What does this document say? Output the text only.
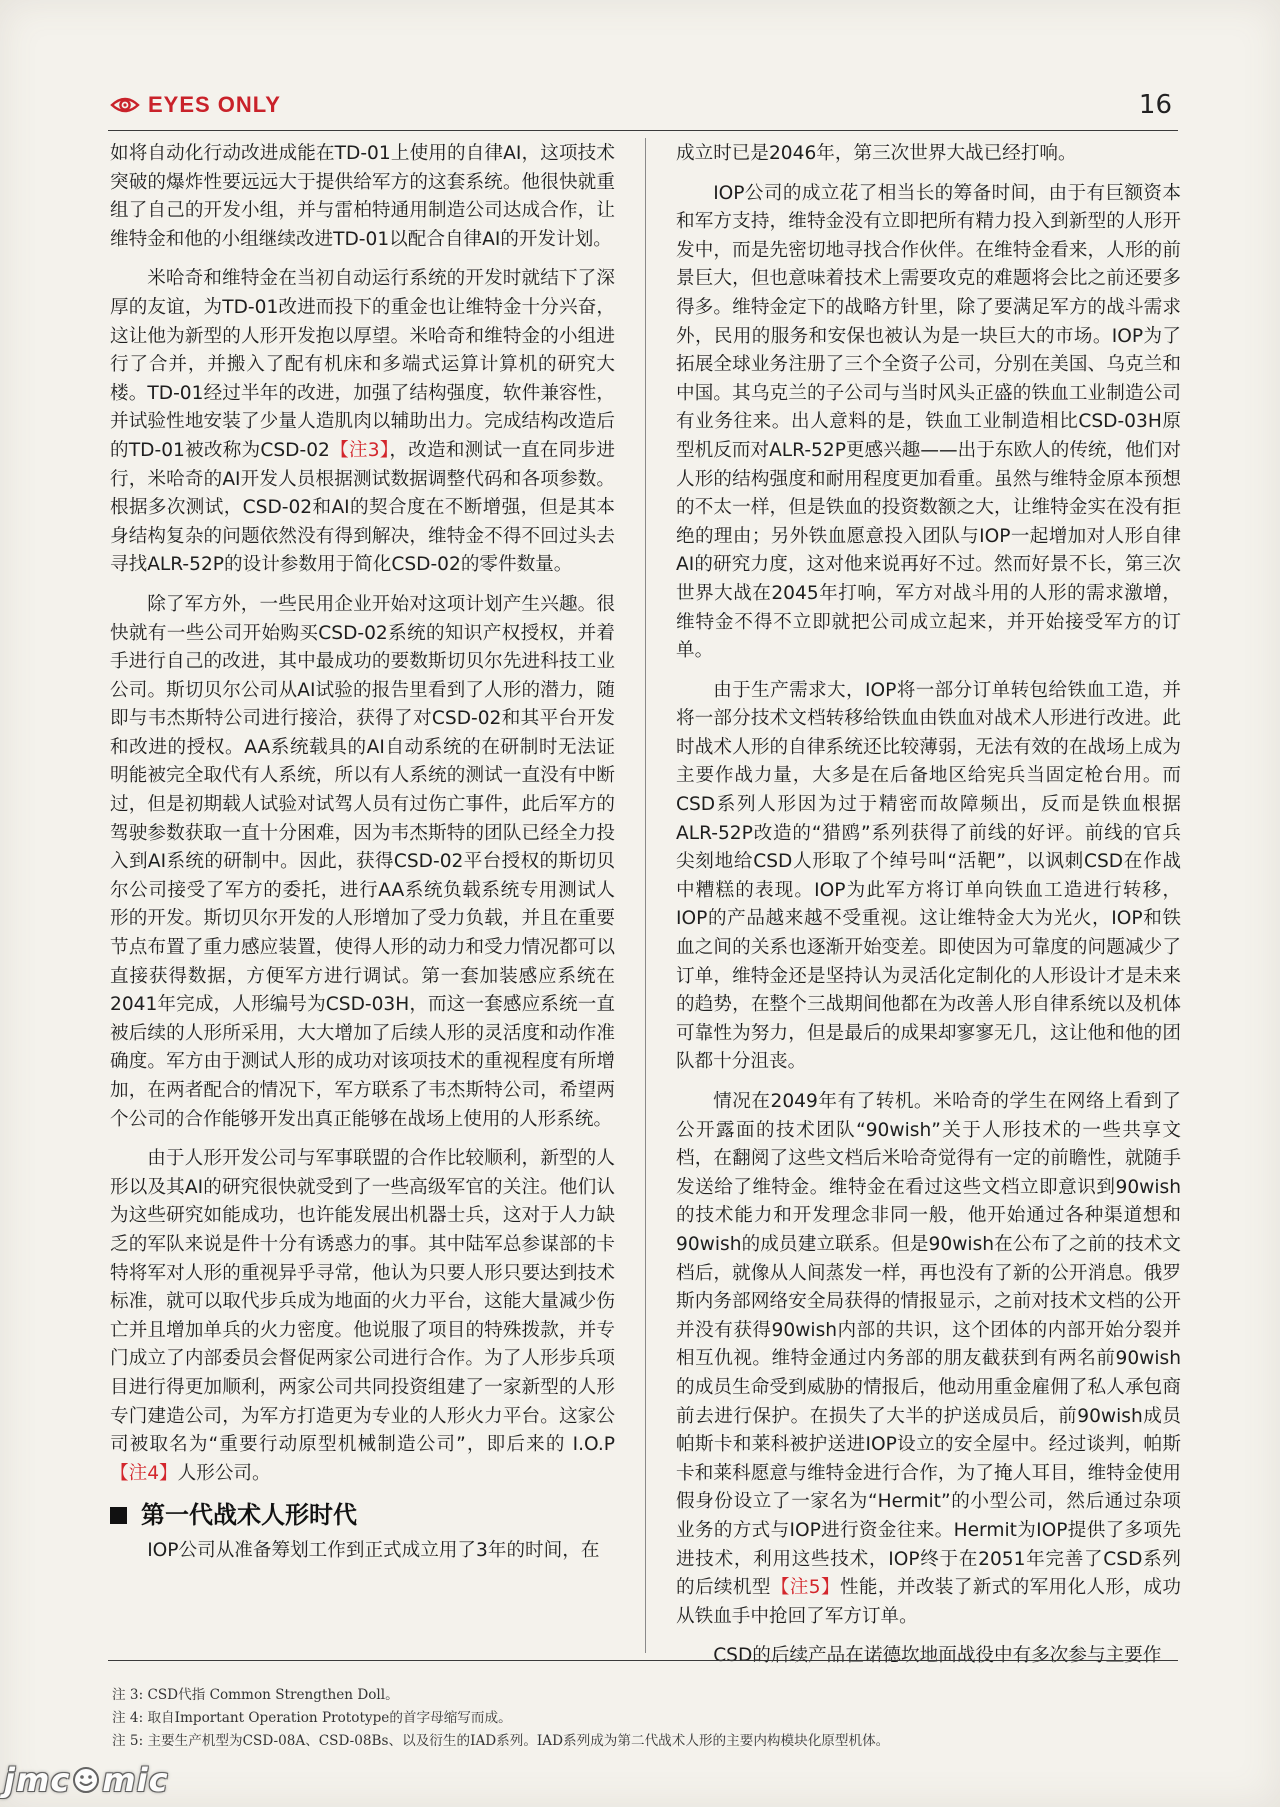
EYES ONLY	16

如将自动化行动改进成能在TD-01上使用的自律AI，这项技术突破的爆炸性要远远大于提供给军方的这套系统。他很快就重组了自己的开发小组，并与雷柏特通用制造公司达成合作，让维特金和他的小组继续改进TD-01以配合自律AI的开发计划。

米哈奇和维特金在当初自动运行系统的开发时就结下了深厚的友谊，为TD-01改进而投下的重金也让维特金十分兴奋，这让他为新型的人形开发抱以厚望。米哈奇和维特金的小组进行了合并，并搬入了配有机床和多端式运算计算机的研究大楼。TD-01经过半年的改进，加强了结构强度，软件兼容性，并试验性地安装了少量人造肌肉以辅助出力。完成结构改造后的TD-01被改称为CSD-02【注3】，改造和测试一直在同步进行，米哈奇的AI开发人员根据测试数据调整代码和各项参数。根据多次测试，CSD-02和AI的契合度在不断增强，但是其本身结构复杂的问题依然没有得到解决，维特金不得不回过头去寻找ALR-52P的设计参数用于简化CSD-02的零件数量。

除了军方外，一些民用企业开始对这项计划产生兴趣。很快就有一些公司开始购买CSD-02系统的知识产权授权，并着手进行自己的改进，其中最成功的要数斯切贝尔先进科技工业公司。斯切贝尔公司从AI试验的报告里看到了人形的潜力，随即与韦杰斯特公司进行接洽，获得了对CSD-02和其平台开发和改进的授权。AA系统载具的AI自动系统的在研制时无法证明能被完全取代有人系统，所以有人系统的测试一直没有中断过，但是初期载人试验对试驾人员有过伤亡事件，此后军方的驾驶参数获取一直十分困难，因为韦杰斯特的团队已经全力投入到AI系统的研制中。因此，获得CSD-02平台授权的斯切贝尔公司接受了军方的委托，进行AA系统负载系统专用测试人形的开发。斯切贝尔开发的人形增加了受力负载，并且在重要节点布置了重力感应装置，使得人形的动力和受力情况都可以直接获得数据，方便军方进行调试。第一套加装感应系统在2041年完成，人形编号为CSD-03H，而这一套感应系统一直被后续的人形所采用，大大增加了后续人形的灵活度和动作准确度。军方由于测试人形的成功对该项技术的重视程度有所增加，在两者配合的情况下，军方联系了韦杰斯特公司，希望两个公司的合作能够开发出真正能够在战场上使用的人形系统。

由于人形开发公司与军事联盟的合作比较顺利，新型的人形以及其AI的研究很快就受到了一些高级军官的关注。他们认为这些研究如能成功，也许能发展出机器士兵，这对于人力缺乏的军队来说是件十分有诱惑力的事。其中陆军总参谋部的卡特将军对人形的重视异乎寻常，他认为只要人形只要达到技术标准，就可以取代步兵成为地面的火力平台，这能大量减少伤亡并且增加单兵的火力密度。他说服了项目的特殊拨款，并专门成立了内部委员会督促两家公司进行合作。为了人形步兵项目进行得更加顺利，两家公司共同投资组建了一家新型的人形专门建造公司，为军方打造更为专业的人形火力平台。这家公司被取名为“重要行动原型机械制造公司”，即后来的 I.O.P【注4】人形公司。

第一代战术人形时代

IOP公司从准备筹划工作到正式成立用了3年的时间，在

成立时已是2046年，第三次世界大战已经打响。

IOP公司的成立花了相当长的筹备时间，由于有巨额资本和军方支持，维特金没有立即把所有精力投入到新型的人形开发中，而是先密切地寻找合作伙伴。在维特金看来，人形的前景巨大，但也意味着技术上需要攻克的难题将会比之前还要多得多。维特金定下的战略方针里，除了要满足军方的战斗需求外，民用的服务和安保也被认为是一块巨大的市场。IOP为了拓展全球业务注册了三个全资子公司，分别在美国、乌克兰和中国。其乌克兰的子公司与当时风头正盛的铁血工业制造公司有业务往来。出人意料的是，铁血工业制造相比CSD-03H原型机反而对ALR-52P更感兴趣——出于东欧人的传统，他们对人形的结构强度和耐用程度更加看重。虽然与维特金原本预想的不太一样，但是铁血的投资数额之大，让维特金实在没有拒绝的理由；另外铁血愿意投入团队与IOP一起增加对人形自律AI的研究力度，这对他来说再好不过。然而好景不长，第三次世界大战在2045年打响，军方对战斗用的人形的需求激增，维特金不得不立即就把公司成立起来，并开始接受军方的订单。

由于生产需求大，IOP将一部分订单转包给铁血工造，并将一部分技术文档转移给铁血由铁血对战术人形进行改进。此时战术人形的自律系统还比较薄弱，无法有效的在战场上成为主要作战力量，大多是在后备地区给宪兵当固定枪台用。而CSD系列人形因为过于精密而故障频出，反而是铁血根据ALR-52P改造的“猎鸥”系列获得了前线的好评。前线的官兵尖刻地给CSD人形取了个绰号叫“活靶”，以讽刺CSD在作战中糟糕的表现。IOP为此军方将订单向铁血工造进行转移，IOP的产品越来越不受重视。这让维特金大为光火，IOP和铁血之间的关系也逐渐开始变差。即使因为可靠度的问题减少了订单，维特金还是坚持认为灵活化定制化的人形设计才是未来的趋势，在整个三战期间他都在为改善人形自律系统以及机体可靠性为努力，但是最后的成果却寥寥无几，这让他和他的团队都十分沮丧。

情况在2049年有了转机。米哈奇的学生在网络上看到了公开露面的技术团队“90wish”关于人形技术的一些共享文档，在翻阅了这些文档后米哈奇觉得有一定的前瞻性，就随手发送给了维特金。维特金在看过这些文档立即意识到90wish的技术能力和开发理念非同一般，他开始通过各种渠道想和90wish的成员建立联系。但是90wish在公布了之前的技术文档后，就像从人间蒸发一样，再也没有了新的公开消息。俄罗斯内务部网络安全局获得的情报显示，之前对技术文档的公开并没有获得90wish内部的共识，这个团体的内部开始分裂并相互仇视。维特金通过内务部的朋友截获到有两名前90wish的成员生命受到威胁的情报后，他动用重金雇佣了私人承包商前去进行保护。在损失了大半的护送成员后，前90wish成员帕斯卡和莱科被护送进IOP设立的安全屋中。经过谈判，帕斯卡和莱科愿意与维特金进行合作，为了掩人耳目，维特金使用假身份设立了一家名为“Hermit”的小型公司，然后通过杂项业务的方式与IOP进行资金往来。Hermit为IOP提供了多项先进技术，利用这些技术，IOP终于在2051年完善了CSD系列的后续机型【注5】性能，并改装了新式的军用化人形，成功从铁血手中抢回了军方订单。

CSD的后续产品在诺德坎地面战役中有多次参与主要作

注 3: CSD代指 Common Strengthen Doll。
注 4: 取自Important Operation Prototype的首字母缩写而成。
注 5: 主要生产机型为CSD-08A、CSD-08Bs、以及衍生的IAD系列。IAD系列成为第二代战术人形的主要内构模块化原型机体。
jmc mic
